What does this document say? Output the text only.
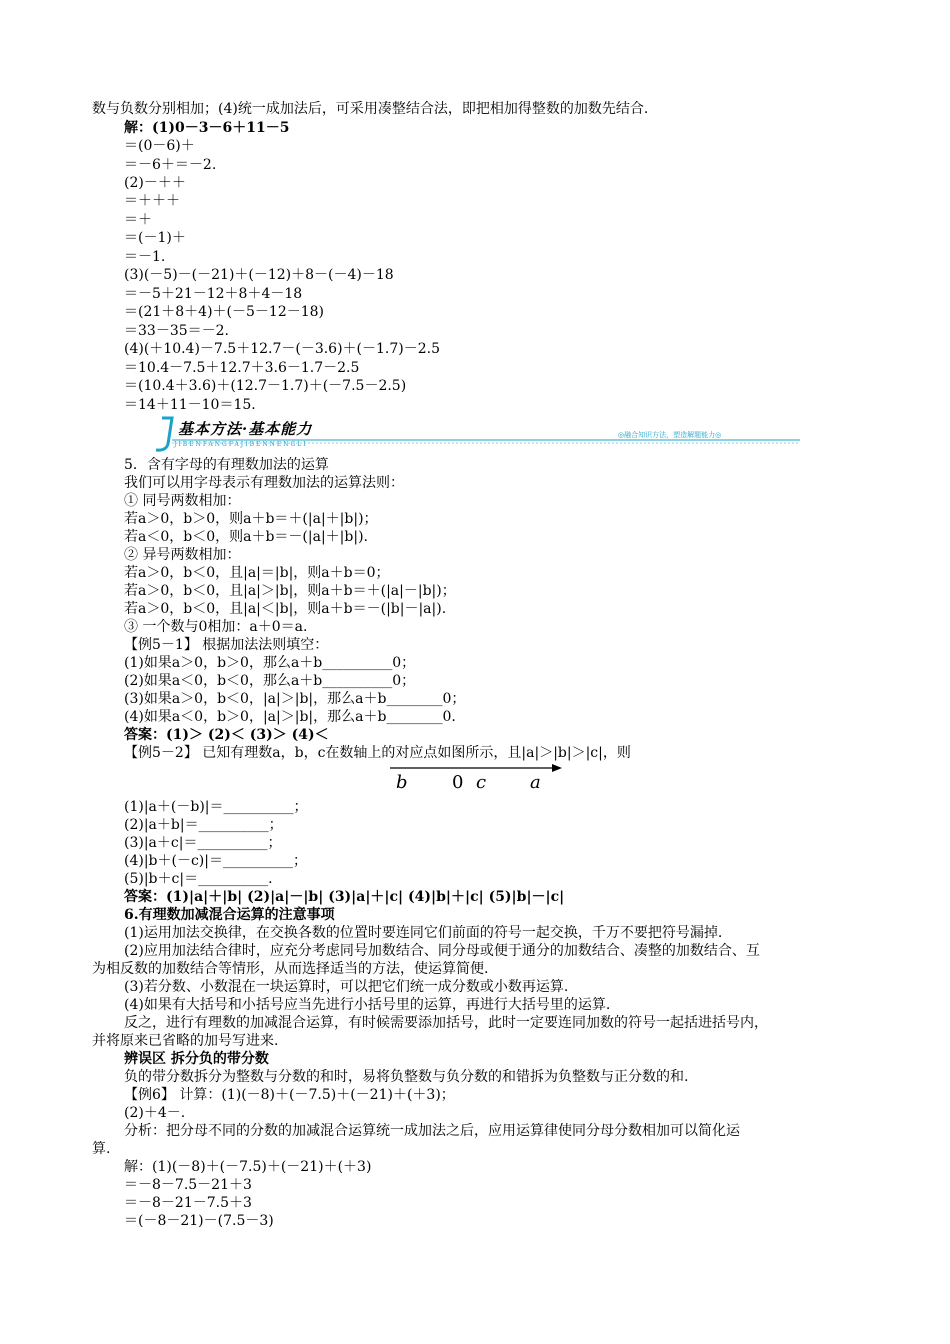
数与负数分别相加；(4)统一成加法后，可采用凑整结合法，即把相加得整数的加数先结合.
解：(1)0－3－6＋11－5
＝(0－6)＋
＝－6＋＝－2.
(2)－＋＋
＝＋＋＋
＝＋
＝(－1)＋
＝－1.
(3)(－5)－(－21)＋(－12)＋8－(－4)－18
＝－5＋21－12＋8＋4－18
＝(21＋8＋4)＋(－5－12－18)
＝33－35＝－2.
(4)(＋10.4)－7.5＋12.7－(－3.6)＋(－1.7)－2.5
＝10.4－7.5＋12.7＋3.6－1.7－2.5
＝(10.4＋3.6)＋(12.7－1.7)＋(－7.5－2.5)
＝14＋11－10＝15.
基本方法·基本能力
JIBENFANGFAJIBENNENGLI
◎融合知识方法，塑造解题能力◎
5．含有字母的有理数加法的运算
我们可以用字母表示有理数加法的运算法则：
① 同号两数相加：
若a＞0，b＞0，则a＋b＝＋(|a|＋|b|)；
若a＜0，b＜0，则a＋b＝－(|a|＋|b|).
② 异号两数相加：
若a＞0，b＜0，且|a|＝|b|，则a＋b＝0；
若a＞0，b＜0，且|a|＞|b|，则a＋b＝＋(|a|－|b|)；
若a＞0，b＜0，且|a|＜|b|，则a＋b＝－(|b|－|a|).
③ 一个数与0相加：a＋0＝a.
【例5－1】 根据加法法则填空：
(1)如果a＞0，b＞0，那么a＋b__________0；
(2)如果a＜0，b＜0，那么a＋b__________0；
(3)如果a＞0，b＜0，|a|＞|b|，那么a＋b________0；
(4)如果a＜0，b＞0，|a|＞|b|，那么a＋b________0.
答案：(1)＞ (2)＜ (3)＞ (4)＜
【例5－2】 已知有理数a，b，c在数轴上的对应点如图所示，且|a|＞|b|＞|c|，则
b 0 c a
(1)|a＋(－b)|＝__________；
(2)|a＋b|＝__________；
(3)|a＋c|＝__________；
(4)|b＋(－c)|＝__________；
(5)|b＋c|＝__________.
答案：(1)|a|＋|b| (2)|a|－|b| (3)|a|＋|c| (4)|b|＋|c| (5)|b|－|c|
6.有理数加减混合运算的注意事项
(1)运用加法交换律，在交换各数的位置时要连同它们前面的符号一起交换，千万不要把符号漏掉.
(2)应用加法结合律时，应充分考虑同号加数结合、同分母或便于通分的加数结合、凑整的加数结合、互
为相反数的加数结合等情形，从而选择适当的方法，使运算简便.
(3)若分数、小数混在一块运算时，可以把它们统一成分数或小数再运算.
(4)如果有大括号和小括号应当先进行小括号里的运算，再进行大括号里的运算.
反之，进行有理数的加减混合运算，有时候需要添加括号，此时一定要连同加数的符号一起括进括号内，
并将原来已省略的加号写进来.
辨误区 拆分负的带分数
负的带分数拆分为整数与分数的和时，易将负整数与负分数的和错拆为负整数与正分数的和.
【例6】 计算：(1)(－8)＋(－7.5)＋(－21)＋(＋3)；
(2)＋4－.
分析：把分母不同的分数的加减混合运算统一成加法之后，应用运算律使同分母分数相加可以简化运
算.
解：(1)(－8)＋(－7.5)＋(－21)＋(＋3)
＝－8－7.5－21＋3
＝－8－21－7.5＋3
＝(－8－21)－(7.5－3)
